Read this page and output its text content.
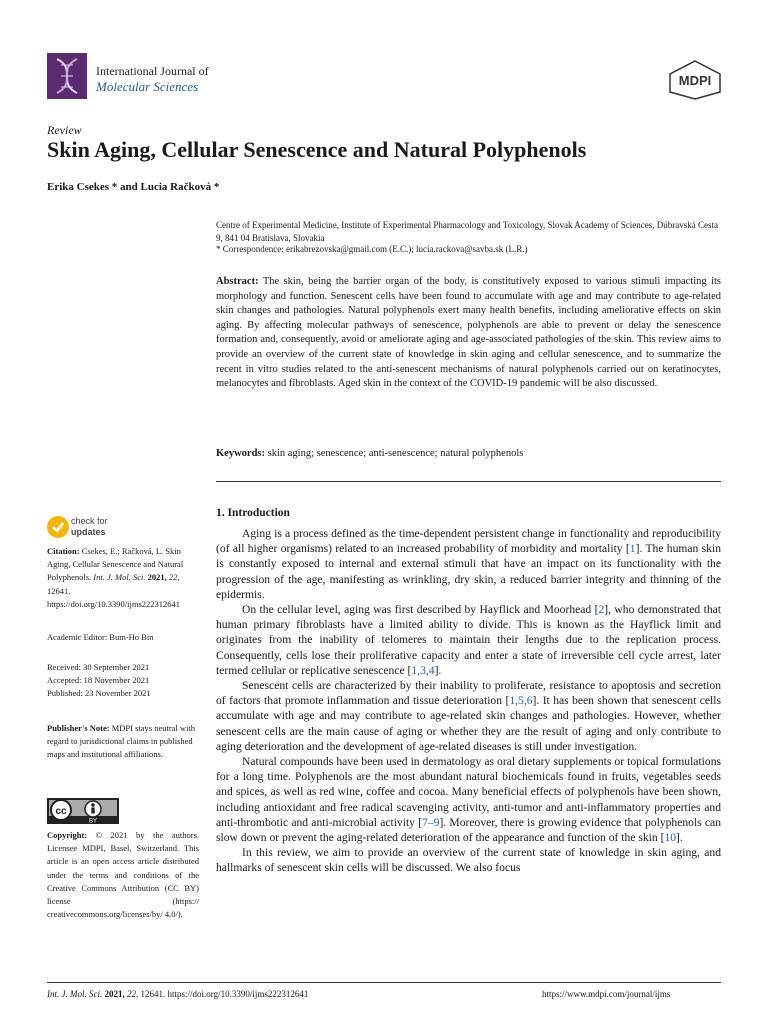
International Journal of
Molecular Sciences	MDPI
Review
Skin Aging, Cellular Senescence and Natural Polyphenols
Erika Csekes * and Lucia Račková *
Centre of Experimental Medicine, Institute of Experimental Pharmacology and Toxicology, Slovak Academy of Sciences, Dúbravská Cesta 9, 841 04 Bratislava, Slovakia
* Correspondence: erikabrezovska@gmail.com (E.C.); lucia.rackova@savba.sk (L.R.)
Abstract: The skin, being the barrier organ of the body, is constitutively exposed to various stimuli impacting its morphology and function. Senescent cells have been found to accumulate with age and may contribute to age-related skin changes and pathologies. Natural polyphenols exert many health benefits, including ameliorative effects on skin aging. By affecting molecular pathways of senescence, polyphenols are able to prevent or delay the senescence formation and, consequently, avoid or ameliorate aging and age-associated pathologies of the skin. This review aims to provide an overview of the current state of knowledge in skin aging and cellular senescence, and to summarize the recent in vitro studies related to the anti-senescent mechanisms of natural polyphenols carried out on keratinocytes, melanocytes and fibroblasts. Aged skin in the context of the COVID-19 pandemic will be also discussed.
Keywords: skin aging; senescence; anti-senescence; natural polyphenols
1. Introduction

Aging is a process defined as the time-dependent persistent change in functionality and reproducibility (of all higher organisms) related to an increased probability of morbidity and mortality [1]. The human skin is constantly exposed to internal and external stimuli that have an impact on its functionality with the progression of the age, manifesting as wrinkling, dry skin, a reduced barrier integrity and thinning of the epidermis.

On the cellular level, aging was first described by Hayflick and Moorhead [2], who demonstrated that human primary fibroblasts have a limited ability to divide. This is known as the Hayflick limit and originates from the inability of telomeres to maintain their lengths due to the replication process. Consequently, cells lose their proliferative capacity and enter a state of irreversible cell cycle arrest, later termed cellular or replicative senescence [1,3,4].

Senescent cells are characterized by their inability to proliferate, resistance to apoptosis and secretion of factors that promote inflammation and tissue deterioration [1,5,6]. It has been shown that senescent cells accumulate with age and may contribute to age-related skin changes and pathologies. However, whether senescent cells are the main cause of aging or whether they are the result of aging and only contribute to aging deterioration and the development of age-related diseases is still under investigation.

Natural compounds have been used in dermatology as oral dietary supplements or topical formulations for a long time. Polyphenols are the most abundant natural biochemicals found in fruits, vegetables seeds and spices, as well as red wine, coffee and cocoa. Many beneficial effects of polyphenols have been shown, including antioxidant and free radical scavenging activity, anti-tumor and anti-inflammatory properties and anti-thrombotic and anti-microbial activity [7–9]. Moreover, there is growing evidence that polyphenols can slow down or prevent the aging-related deterioration of the appearance and function of the skin [10].

In this review, we aim to provide an overview of the current state of knowledge in skin aging, and hallmarks of senescent skin cells will be discussed. We also focus

check for
updates
Citation: Csekes, E.; Račková, L. Skin Aging, Cellular Senescence and Natural Polyphenols. Int. J. Mol. Sci. 2021, 22, 12641. https://doi.org/10.3390/ijms222312641
Academic Editor: Bum-Ho Bin
Received: 30 September 2021
Accepted: 18 November 2021
Published: 23 November 2021
Publisher's Note: MDPI stays neutral with regard to jurisdictional claims in published maps and institutional affiliations.
cc
BY
Copyright: © 2021 by the authors. Licensee MDPI, Basel, Switzerland. This article is an open access article distributed under the terms and conditions of the Creative Commons Attribution (CC BY) license (https:// creativecommons.org/licenses/by/ 4.0/).
Int. J. Mol. Sci. 2021, 22, 12641. https://doi.org/10.3390/ijms222312641	https://www.mdpi.com/journal/ijms
